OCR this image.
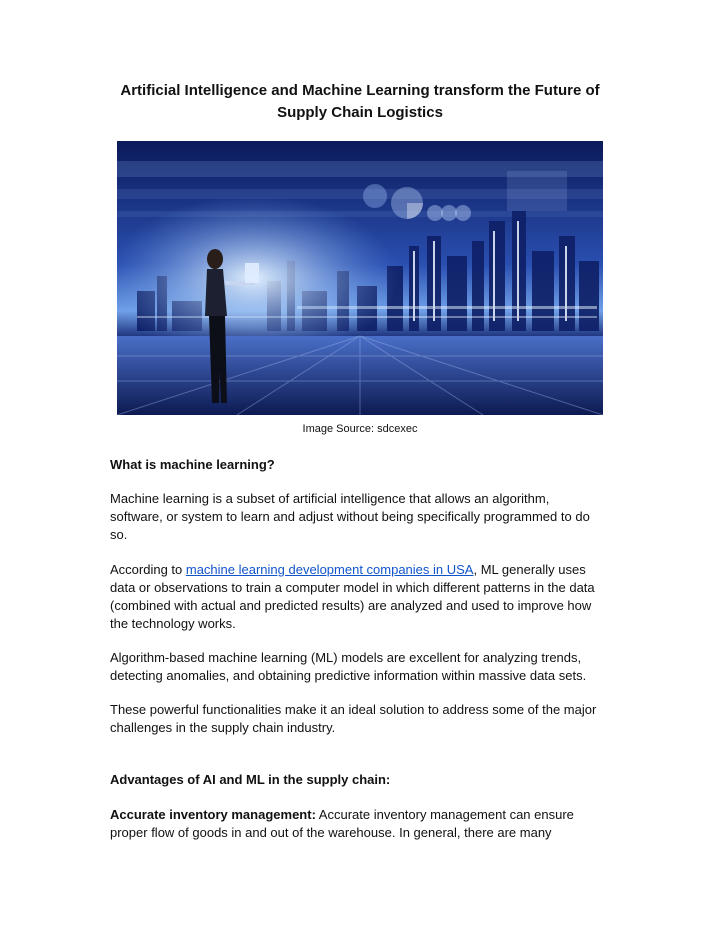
Artificial Intelligence and Machine Learning transform the Future of
Supply Chain Logistics
Image Source: sdcexec
What is machine learning?
Machine learning is a subset of artificial intelligence that allows an algorithm,
software, or system to learn and adjust without being specifically programmed to do
so.
According to machine learning development companies in USA, ML generally uses
data or observations to train a computer model in which different patterns in the data
(combined with actual and predicted results) are analyzed and used to improve how
the technology works.
Algorithm-based machine learning (ML) models are excellent for analyzing trends,
detecting anomalies, and obtaining predictive information within massive data sets.
These powerful functionalities make it an ideal solution to address some of the major
challenges in the supply chain industry.
Advantages of AI and ML in the supply chain:
Accurate inventory management: Accurate inventory management can ensure
proper flow of goods in and out of the warehouse. In general, there are many
